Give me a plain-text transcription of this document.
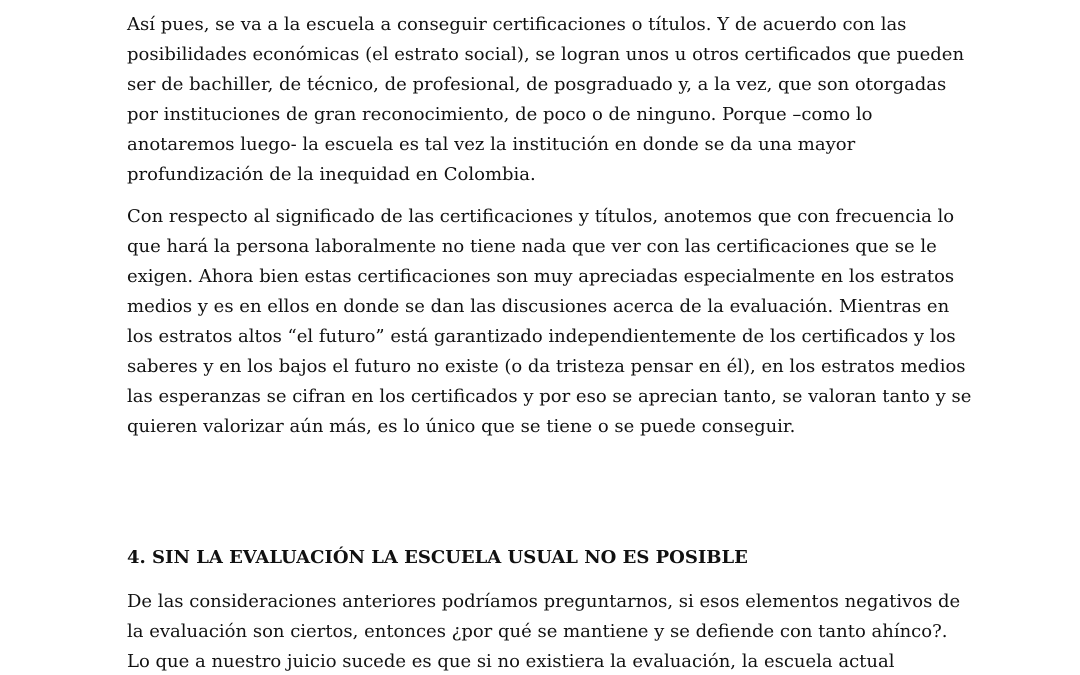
Así pues, se va a la escuela a conseguir certificaciones o títulos. Y de acuerdo con las
posibilidades económicas (el estrato social), se logran unos u otros certificados que pueden
ser de bachiller, de técnico, de profesional, de posgraduado y, a la vez, que son otorgadas
por instituciones de gran reconocimiento, de poco o de ninguno. Porque –como lo
anotaremos luego- la escuela es tal vez la institución en donde se da una mayor
profundización de la inequidad en Colombia.
Con respecto al significado de las certificaciones y títulos, anotemos que con frecuencia lo
que hará la persona laboralmente no tiene nada que ver con las certificaciones que se le
exigen. Ahora bien estas certificaciones son muy apreciadas especialmente en los estratos
medios y es en ellos en donde se dan las discusiones acerca de la evaluación. Mientras en
los estratos altos “el futuro” está garantizado independientemente de los certificados y los
saberes y en los bajos el futuro no existe (o da tristeza pensar en él), en los estratos medios
las esperanzas se cifran en los certificados y por eso se aprecian tanto, se valoran tanto y se
quieren valorizar aún más, es lo único que se tiene o se puede conseguir.
4. SIN LA EVALUACIÓN LA ESCUELA USUAL NO ES POSIBLE
De las consideraciones anteriores podríamos preguntarnos, si esos elementos negativos de
la evaluación son ciertos, entonces ¿por qué se mantiene y se defiende con tanto ahínco?.
Lo que a nuestro juicio sucede es que si no existiera la evaluación, la escuela actual
